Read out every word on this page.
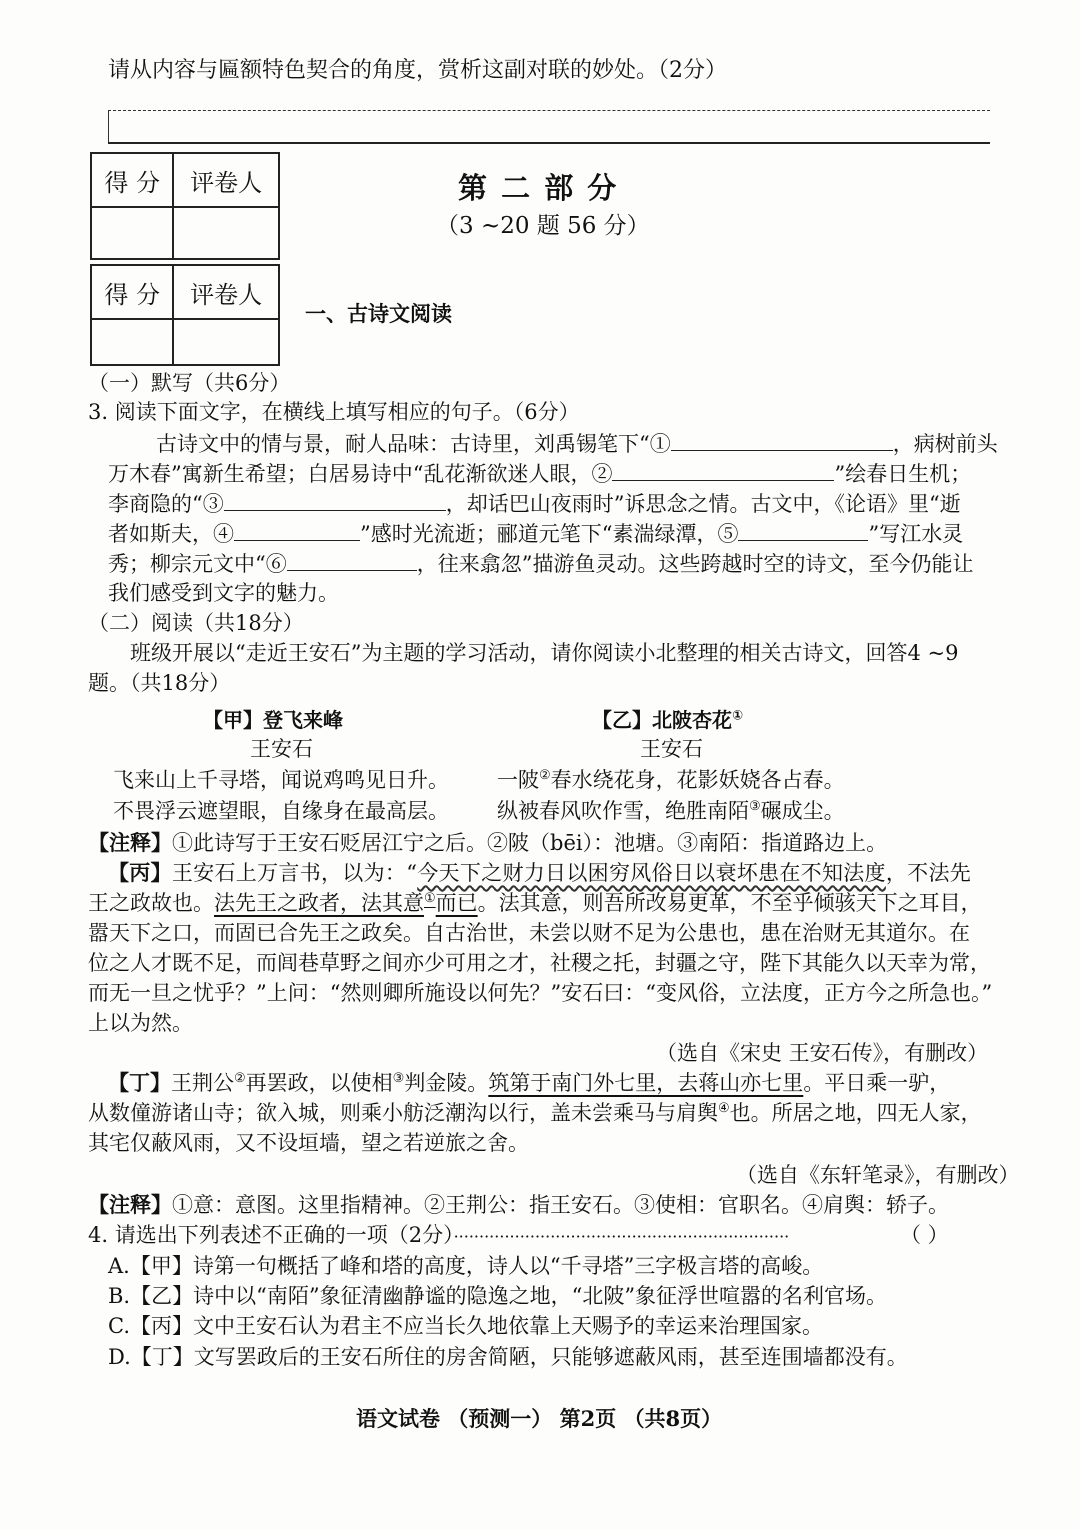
请从内容与匾额特色契合的角度，赏析这副对联的妙处。（2分）
得 分	评卷人

得 分	评卷人

第 二 部 分
（3 ~20 题 56 分）
一、古诗文阅读
（一）默写（共6分）
3. 阅读下面文字，在横线上填写相应的句子。（6分）
古诗文中的情与景，耐人品味：古诗里，刘禹锡笔下“①	，病树前头
万木春”寓新生希望；白居易诗中“乱花渐欲迷人眼，②	”绘春日生机；
李商隐的“③	，却话巴山夜雨时”诉思念之情。古文中，《论语》里“逝
者如斯夫，④	”感时光流逝；郦道元笔下“素湍绿潭，⑤	”写江水灵
秀；柳宗元文中“⑥	，往来翕忽”描游鱼灵动。这些跨越时空的诗文，至今仍能让
我们感受到文字的魅力。
（二）阅读（共18分）
班级开展以“走近王安石”为主题的学习活动，请你阅读小北整理的相关古诗文，回答4 ~9
题。（共18分）
【甲】登飞来峰
王安石
飞来山上千寻塔，闻说鸡鸣见日升。
不畏浮云遮望眼，自缘身在最高层。
【乙】北陂杏花①
王安石
一陂②春水绕花身，花影妖娆各占春。
纵被春风吹作雪，绝胜南陌③碾成尘。
【注释】①此诗写于王安石贬居江宁之后。②陂（bēi）：池塘。③南陌：指道路边上。
【丙】王安石上万言书，以为：“今天下之财力日以困穷风俗日以衰坏患在不知法度，不法先
王之政故也。法先王之政者，法其意①而已。法其意，则吾所改易更革，不至乎倾骇天下之耳目，
嚣天下之口，而固已合先王之政矣。自古治世，未尝以财不足为公患也，患在治财无其道尔。在
位之人才既不足，而闾巷草野之间亦少可用之才，社稷之托，封疆之守，陛下其能久以天幸为常，
而无一旦之忧乎？”上问：“然则卿所施设以何先？”安石曰：“变风俗，立法度，正方今之所急也。”
上以为然。
（选自《宋史 王安石传》，有删改）
【丁】王荆公②再罢政，以使相③判金陵。筑第于南门外七里，去蒋山亦七里。平日乘一驴，
从数僮游诸山寺；欲入城，则乘小舫泛潮沟以行，盖未尝乘马与肩舆④也。所居之地，四无人家，
其宅仅蔽风雨，又不设垣墙，望之若逆旅之舍。
（选自《东轩笔录》，有删改）
【注释】①意：意图。这里指精神。②王荆公：指王安石。③使相：官职名。④肩舆：轿子。
4. 请选出下列表述不正确的一项（2分）··································································	（ ）
A.【甲】诗第一句概括了峰和塔的高度，诗人以“千寻塔”三字极言塔的高峻。
B.【乙】诗中以“南陌”象征清幽静谧的隐逸之地，“北陂”象征浮世喧嚣的名利官场。
C.【丙】文中王安石认为君主不应当长久地依靠上天赐予的幸运来治理国家。
D.【丁】文写罢政后的王安石所住的房舍简陋，只能够遮蔽风雨，甚至连围墙都没有。
语文试卷 （预测一） 第2页 （共8页）
